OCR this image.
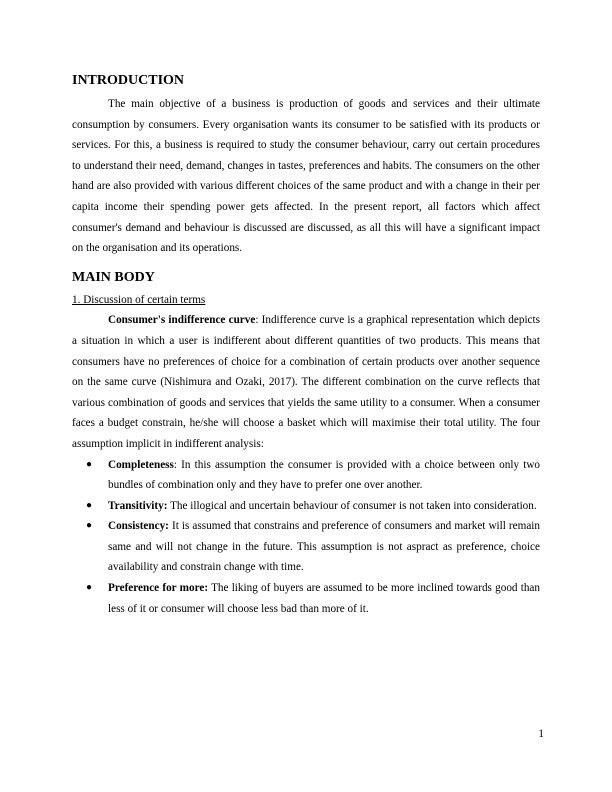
INTRODUCTION

The main objective of a business is production of goods and services and their ultimate consumption by consumers. Every organisation wants its consumer to be satisfied with its products or services. For this, a business is required to study the consumer behaviour, carry out certain procedures to understand their need, demand, changes in tastes, preferences and habits. The consumers on the other hand are also provided with various different choices of the same product and with a change in their per capita income their spending power gets affected. In the present report, all factors which affect consumer's demand and behaviour is discussed are discussed, as all this will have a significant impact on the organisation and its operations.

MAIN BODY

1. Discussion of certain terms

Consumer's indifference curve: Indifference curve is a graphical representation which depicts a situation in which a user is indifferent about different quantities of two products. This means that consumers have no preferences of choice for a combination of certain products over another sequence on the same curve (Nishimura and Ozaki, 2017). The different combination on the curve reflects that various combination of goods and services that yields the same utility to a consumer. When a consumer faces a budget constrain, he/she will choose a basket which will maximise their total utility. The four assumption implicit in indifferent analysis:

● Completeness: In this assumption the consumer is provided with a choice between only two bundles of combination only and they have to prefer one over another.
● Transitivity: The illogical and uncertain behaviour of consumer is not taken into consideration.
● Consistency: It is assumed that constrains and preference of consumers and market will remain same and will not change in the future. This assumption is not aspract as preference, choice availability and constrain change with time.
● Preference for more: The liking of buyers are assumed to be more inclined towards good than less of it or consumer will choose less bad than more of it.
1
